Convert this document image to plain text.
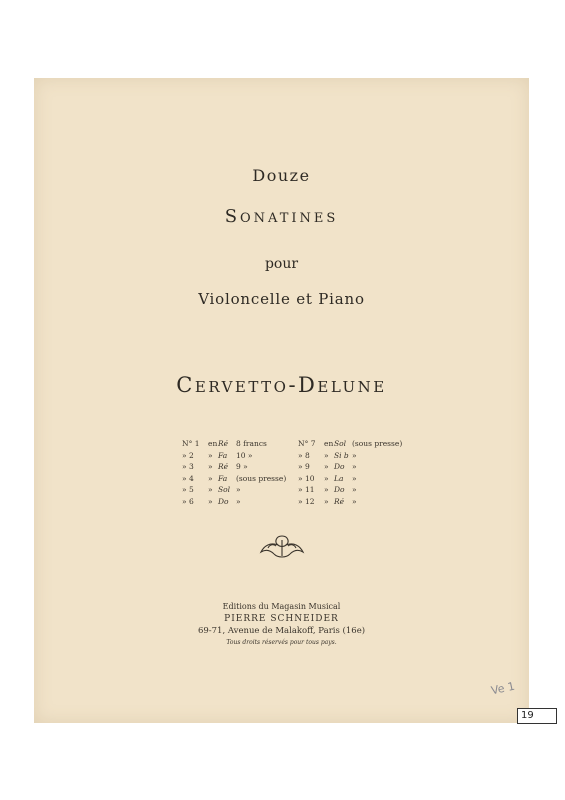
Douze
Sonatines
pour
Violoncelle et Piano
Cervetto-Delune
N° 1 enRé 8 francs
» 2 » Fa 10 »
» 3 » Ré 9 »
» 4 » Fa (sous presse)
» 5 » Sol »
» 6 » Do »
N° 7 enSol (sous presse)
» 8 » Si b »
» 9 » Do »
» 10 » La »
» 11 » Do »
» 12 » Ré »
Editions du Magasin Musical
PIERRE SCHNEIDER
69-71, Avenue de Malakoff, Paris (16e)
Tous droits réservés pour tous pays.
Ve 1
19
